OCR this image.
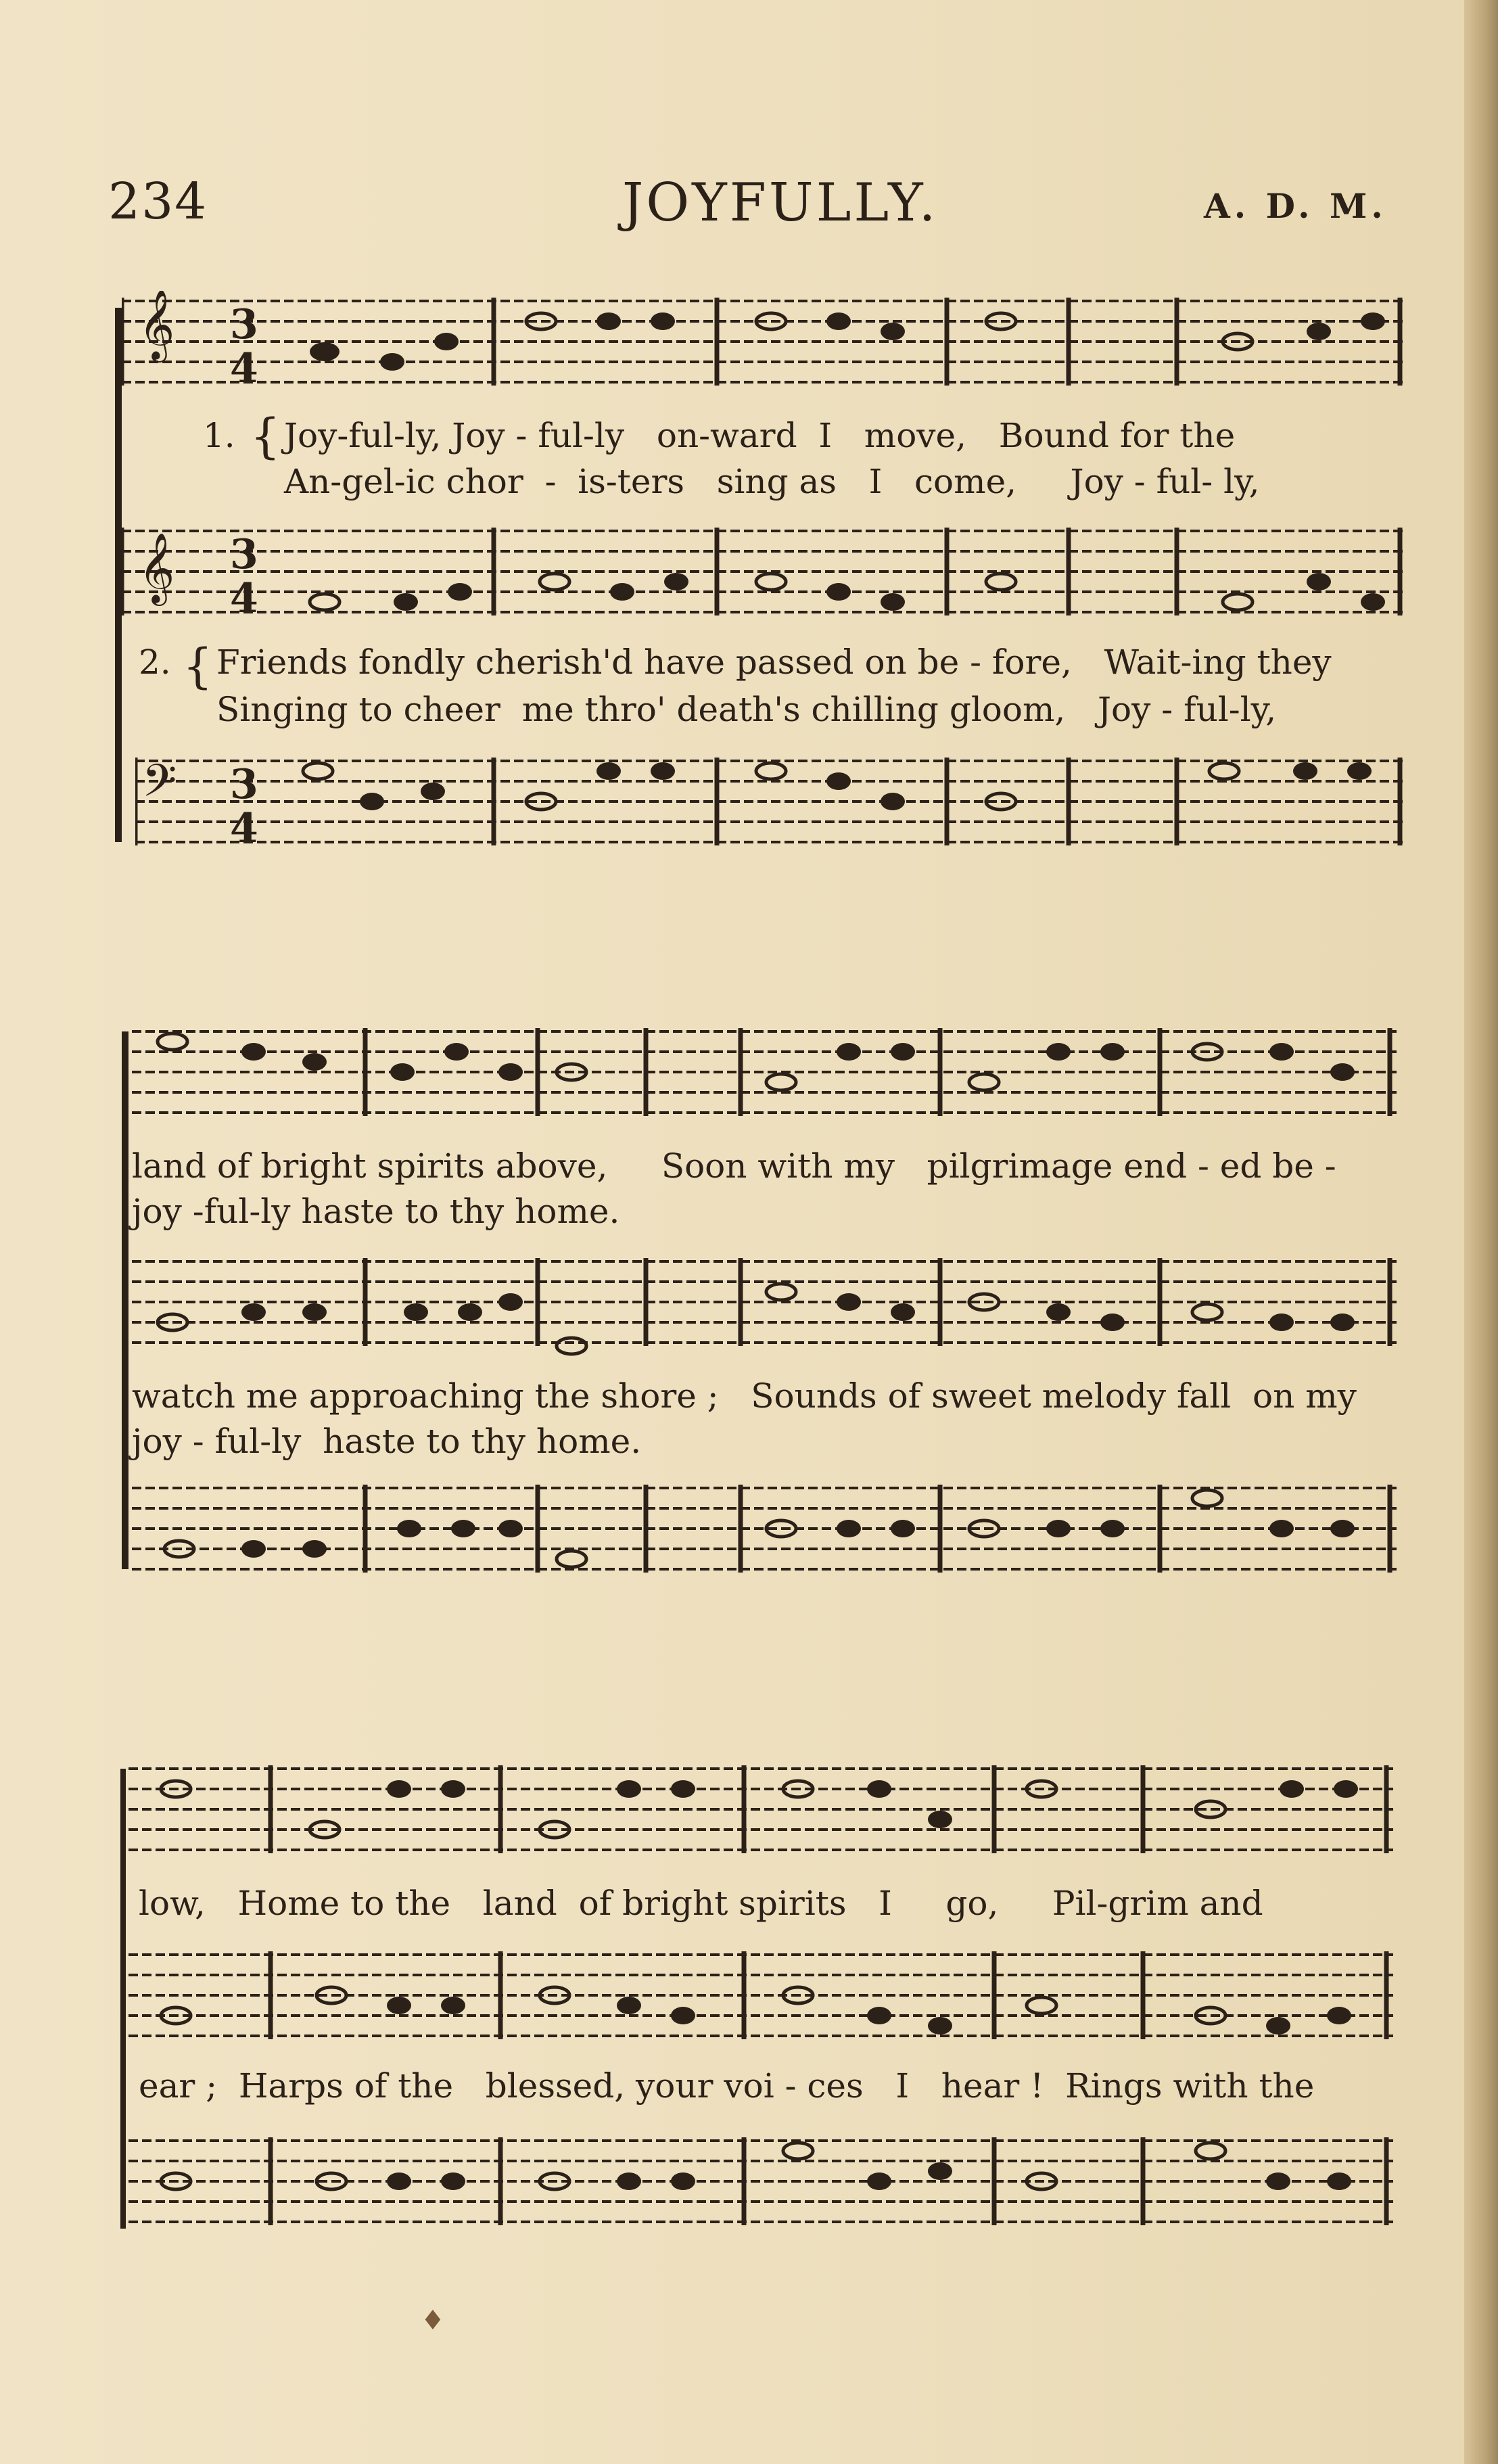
234	JOYFULLY.	A. D. M.
𝄞 3
4
1. { Joy-ful-ly, Joy - ful-ly   on-ward  I   move,   Bound for the
An-gel-ic chor  -  is-ters   sing as   I   come,     Joy - ful- ly,
𝄞 3
4
2. { Friends fondly cherish'd have passed on be - fore,   Wait-ing they
Singing to cheer  me thro' death's chilling gloom,   Joy - ful-ly,
𝄢 3
4
land of bright spirits above,     Soon with my   pilgrimage end - ed be -
joy -ful-ly haste to thy home.
watch me approaching the shore ;   Sounds of sweet melody fall  on my
joy - ful-ly  haste to thy home.
low,   Home to the   land  of bright spirits   I     go,     Pil-grim and
ear ;  Harps of the   blessed, your voi - ces   I   hear !  Rings with the
♦
